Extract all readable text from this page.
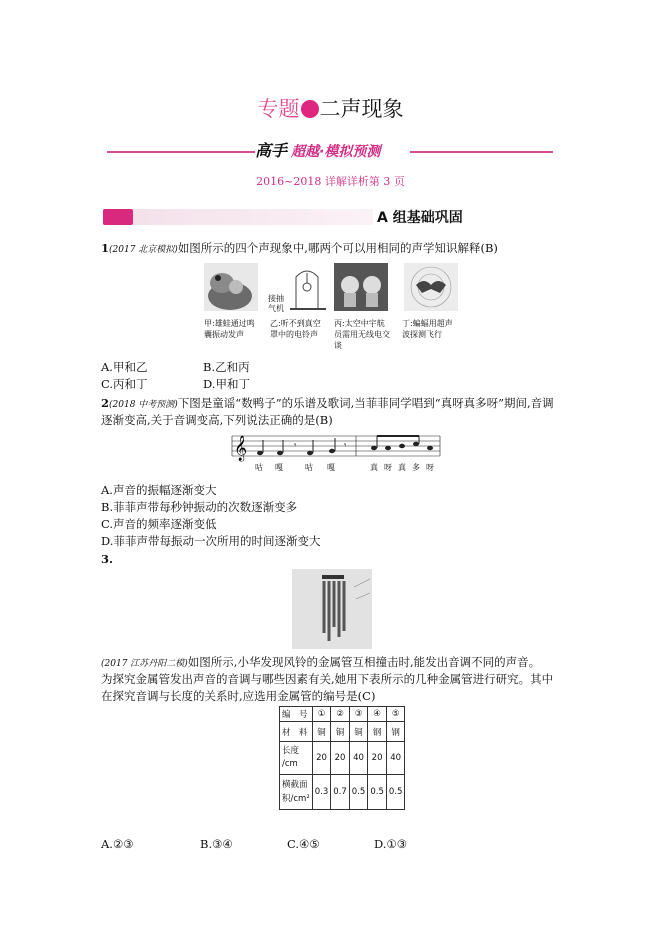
专题 二声现象
高手 超越·模拟预测
2016~2018 详解详析第 3 页
A 组基础巩固
1(2017 北京模拟)如图所示的四个声现象中,哪两个可以用相同的声学知识解释(B)
接抽
气机
甲:雄蛙通过鸣囊振动发声
乙:听不到真空罩中的电铃声
丙:太空中宇航员需用无线电交谈
丁:蝙蝠用超声波探测飞行
A.甲和乙	B.乙和丙
C.丙和丁	D.甲和丁
2(2018 中考预测)下图是童谣“数鸭子”的乐谱及歌词,当菲菲同学唱到“真呀真多呀”期间,音调
逐渐变高,关于音调变高,下列说法正确的是(B)
𝄞	𝄾	𝄾
咕 嘎	咕 嘎	真 呀 真 多 呀
A.声音的振幅逐渐变大
B.菲菲声带每秒钟振动的次数逐渐变多
C.声音的频率逐渐变低
D.菲菲声带每振动一次所用的时间逐渐变大
3.
(2017 江苏丹阳二模)如图所示,小华发现风铃的金属管互相撞击时,能发出音调不同的声音。
为探究金属管发出声音的音调与哪些因素有关,她用下表所示的几种金属管进行研究。其中
在探究音调与长度的关系时,应选用金属管的编号是(C)
编　号	①	②	③	④	⑤
材　料	铜	铜	铜	钢	钢
长度
/cm	20	20	40	20	40
横截面
积/cm²	0.3	0.7	0.5	0.5	0.5
A.②③	B.③④	C.④⑤	D.①③
